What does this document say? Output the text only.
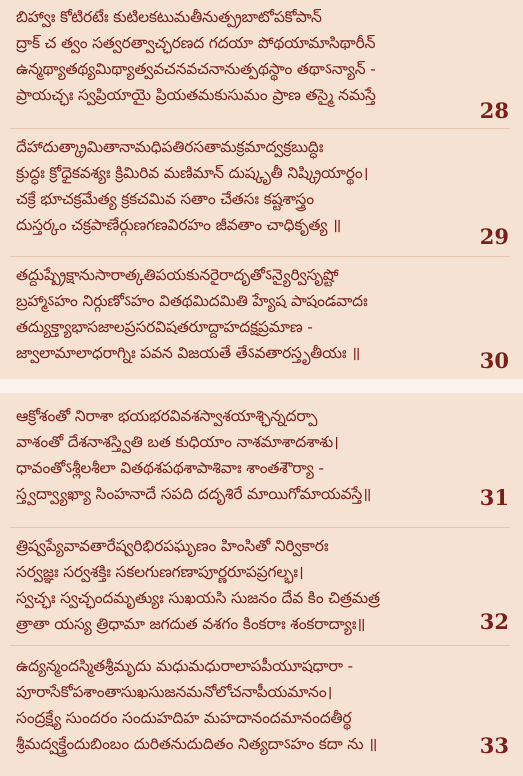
బిహ్వాః కోటిరటేః కుటిలకటుమతీనుత్ప్రబాటోపకోపాన్
ద్రాక్ చ త్వం సత్వరత్వాచ్ఛరణద గదయా పోథయామాసిథారీన్
ఉన్మథ్యాతథ్యమిథ్యాత్వవచనవచనానుత్పథస్థాం తథాऽన్యాన్ -
ప్రాయచ్ఛః స్వప్రియాయై ప్రియతమకుసుమం ప్రాణ తస్మై నమస్తే
28
దేహాదుత్క్రామితానామధిపతిరసతామక్రమాద్వక్రబుద్ధిః
క్రుద్ధః క్రోధైకవశ్యః క్రిమిరివ మణిమాన్ దుష్కృతీ నిష్క్రియార్థం।
చక్రే భూచక్రమేత్య క్రకచమివ సతాం చేతసః కష్టశాస్త్రం
దుస్తర్కం చక్రపాణేర్గుణగణవిరహం జీవతాం చాధికృత్య ॥	29
తద్దుష్ప్రేక్షానుసారాత్కతిపయకునరైరాదృతోऽన్యైర్విసృష్టో
బ్రహ్మాऽహం నిర్గుణోऽహం వితథమిదమితి హ్యేష పాషండవాదః
తద్యుక్త్యాభాసజాలప్రసరవిషతరూద్దాహదక్షప్రమాణ -
జ్వాలామాలాధరాగ్నిః పవన విజయతే తేऽవతారస్తృతీయః ॥	30
ఆక్రోశంతో నిరాశా భయభరవివశస్వాశయాశ్ఛిన్నదర్పా
వాశంతో దేశనాశస్త్వితి బత కుధియాం నాశమాశాదశాశు।
ధావంతోऽశ్లీలశీలా వితథశపథశాపాశివాః శాంతశౌర్యా -
స్త్వద్వ్యాఖ్యా సింహనాదే సపది దదృశిరే మాయిగోమాయవస్తే॥	31
త్రిష్వప్యేవావతారేష్వరిభిరపఘృణం హింసితో నిర్వికారః
సర్వజ్ఞః సర్వశక్తిః సకలగుణగణాపూర్ణరూపప్రగల్భః।
స్వచ్ఛః స్వచ్ఛందమృత్యుః సుఖయసి సుజనం దేవ కిం చిత్రమత్ర
త్రాతా యస్య త్రిధామా జగదుత వశగం కింకరాః శంకరాద్యాః॥	32
ఉద్యన్మందస్మితశ్రీమృదు మధుమధురాలాపపీయూషధారా -
పూరాసేకోపశాంతాసుఖసుజనమనోలోచనాపీయమానం।
సంద్రక్ష్యే సుందరం సందుహదిహ మహదానందమానందతీర్థ
శ్రీమద్వక్త్రేందుబింబం దురితనుదుదితం నిత్యదాऽహం కదా ను ॥	33
